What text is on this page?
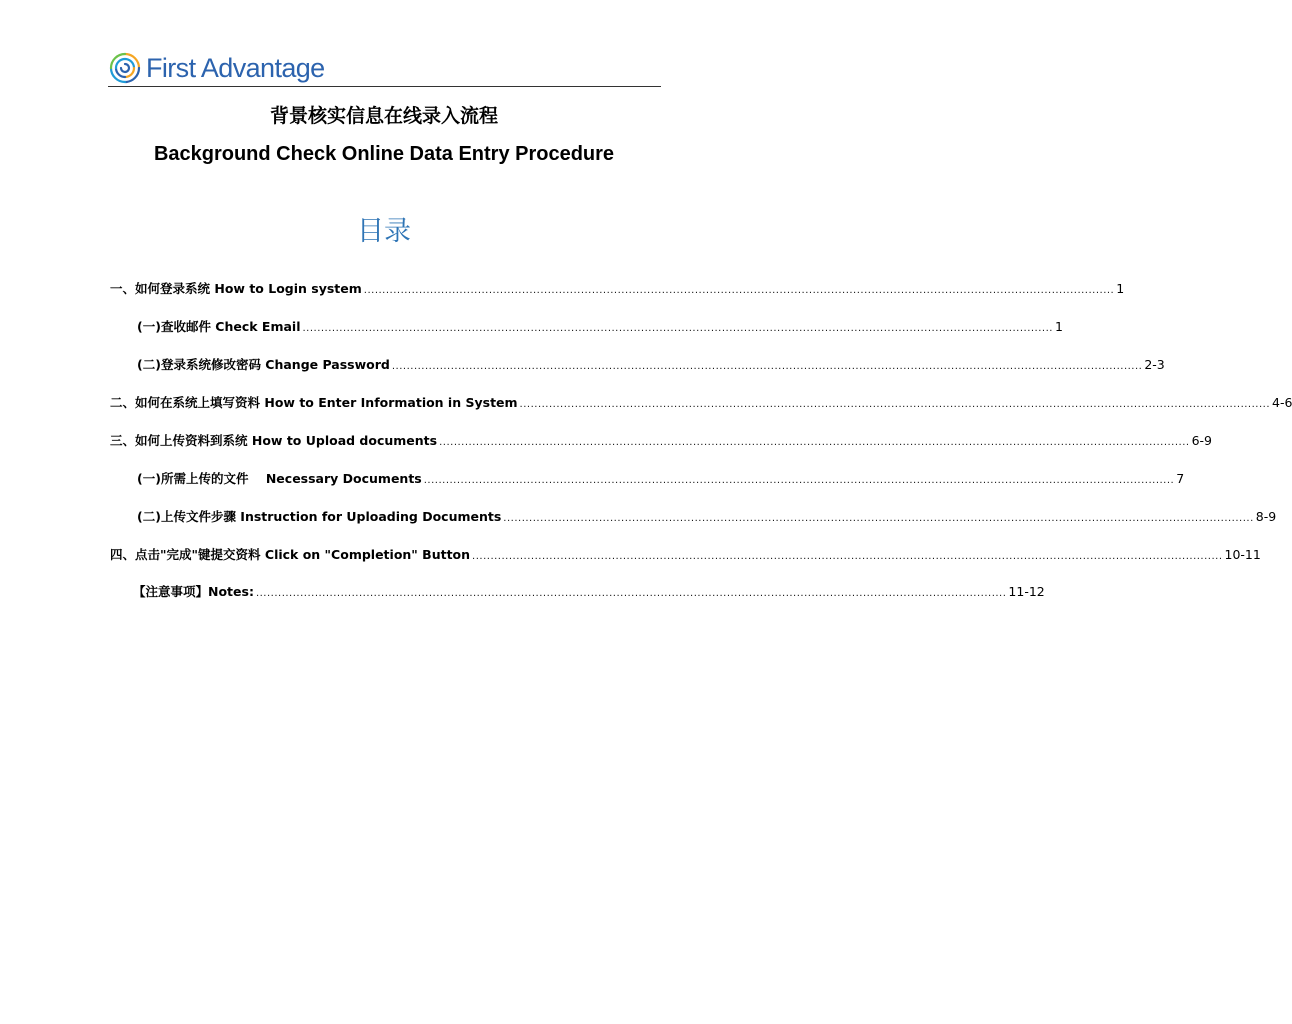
First Advantage
背景核实信息在线录入流程
Background Check Online Data Entry Procedure
目录
一、 如何登录系统 How to Login system ............................................................................................................................................................................................................ 1
(一) 查收邮件 Check Email ............................................................................................................................................................................................................ 1
(二) 登录系统修改密码 Change Password ............................................................................................................................................................................................................ 2-3
二、 如何在系统上填写资料 How to Enter Information in System ............................................................................................................................................................................................................ 4-6
三、 如何上传资料到系统 How to Upload documents ............................................................................................................................................................................................................ 6-9
(一) 所需上传的文件    Necessary Documents ............................................................................................................................................................................................................ 7
(二) 上传文件步骤 Instruction for Uploading Documents ............................................................................................................................................................................................................ 8-9
四、 点击"完成"键提交资料 Click on "Completion" Button ............................................................................................................................................................................................................ 10-11
【注意事项】Notes: ............................................................................................................................................................................................................ 11-12
